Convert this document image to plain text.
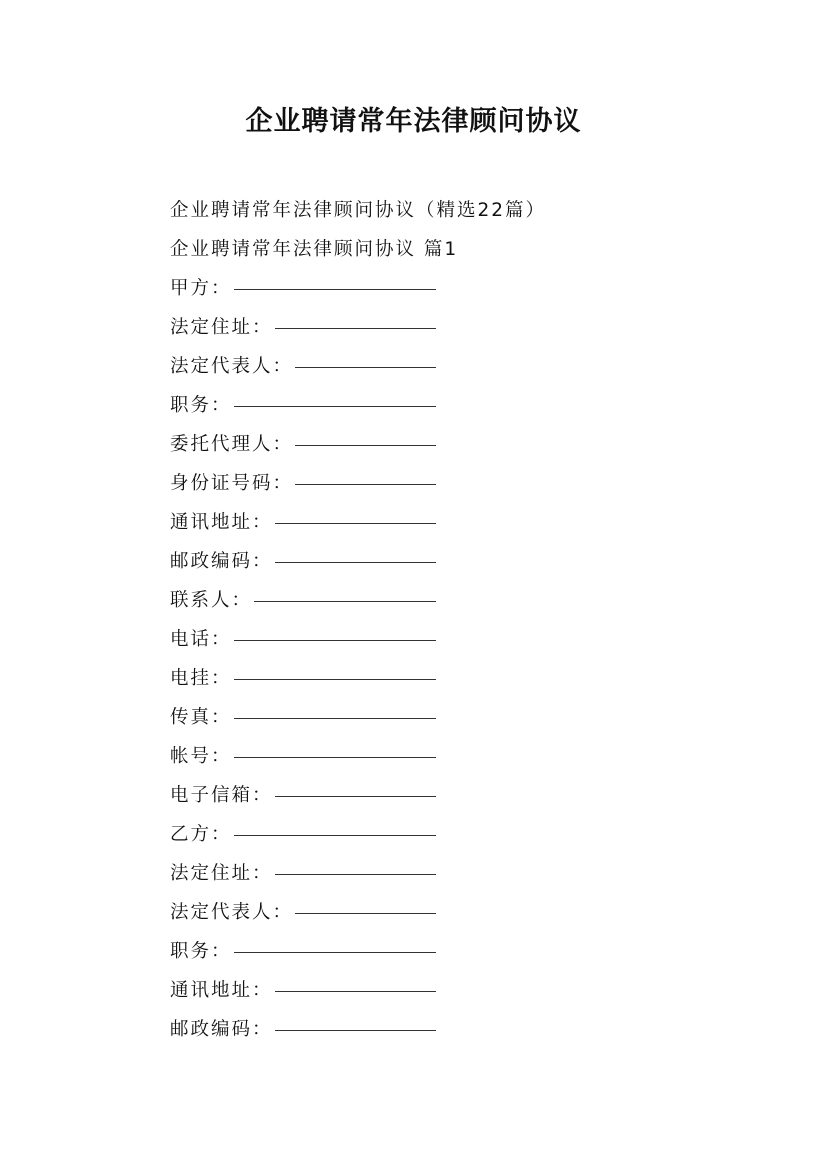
企业聘请常年法律顾问协议
企业聘请常年法律顾问协议（精选22篇）
企业聘请常年法律顾问协议 篇1
甲方：
法定住址：
法定代表人：
职务：
委托代理人：
身份证号码：
通讯地址：
邮政编码：
联系人：
电话：
电挂：
传真：
帐号：
电子信箱：
乙方：
法定住址：
法定代表人：
职务：
通讯地址：
邮政编码：
